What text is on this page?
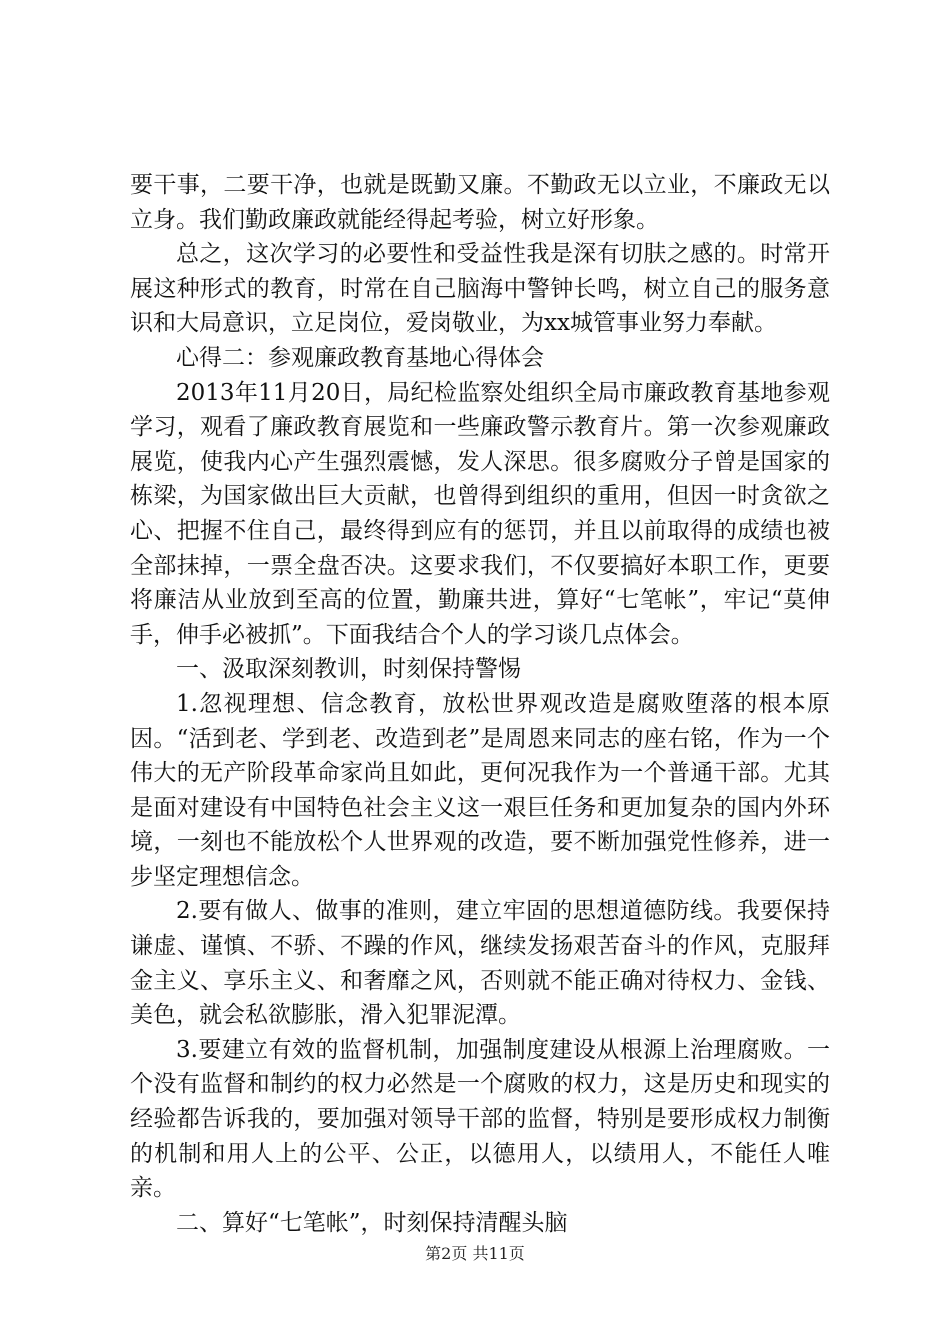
要干事，二要干净，也就是既勤又廉。不勤政无以立业，不廉政无以立身。我们勤政廉政就能经得起考验，树立好形象。

总之，这次学习的必要性和受益性我是深有切肤之感的。时常开展这种形式的教育，时常在自己脑海中警钟长鸣，树立自己的服务意识和大局意识，立足岗位，爱岗敬业，为xx城管事业努力奉献。

心得二：参观廉政教育基地心得体会

2013年11月20日，局纪检监察处组织全局市廉政教育基地参观学习，观看了廉政教育展览和一些廉政警示教育片。第一次参观廉政展览，使我内心产生强烈震憾，发人深思。很多腐败分子曾是国家的栋梁，为国家做出巨大贡献，也曾得到组织的重用，但因一时贪欲之心、把握不住自己，最终得到应有的惩罚，并且以前取得的成绩也被全部抹掉，一票全盘否决。这要求我们，不仅要搞好本职工作，更要将廉洁从业放到至高的位置，勤廉共进，算好“七笔帐”，牢记“莫伸手，伸手必被抓”。下面我结合个人的学习谈几点体会。

一、汲取深刻教训，时刻保持警惕

1.忽视理想、信念教育，放松世界观改造是腐败堕落的根本原因。“活到老、学到老、改造到老”是周恩来同志的座右铭，作为一个伟大的无产阶段革命家尚且如此，更何况我作为一个普通干部。尤其是面对建设有中国特色社会主义这一艰巨任务和更加复杂的国内外环境，一刻也不能放松个人世界观的改造，要不断加强党性修养，进一步坚定理想信念。

2.要有做人、做事的准则，建立牢固的思想道德防线。我要保持谦虚、谨慎、不骄、不躁的作风，继续发扬艰苦奋斗的作风，克服拜金主义、享乐主义、和奢靡之风，否则就不能正确对待权力、金钱、美色，就会私欲膨胀，滑入犯罪泥潭。

3.要建立有效的监督机制，加强制度建设从根源上治理腐败。一个没有监督和制约的权力必然是一个腐败的权力，这是历史和现实的经验都告诉我的，要加强对领导干部的监督，特别是要形成权力制衡的机制和用人上的公平、公正，以德用人，以绩用人，不能任人唯亲。

二、算好“七笔帐”，时刻保持清醒头脑

第2页 共11页
